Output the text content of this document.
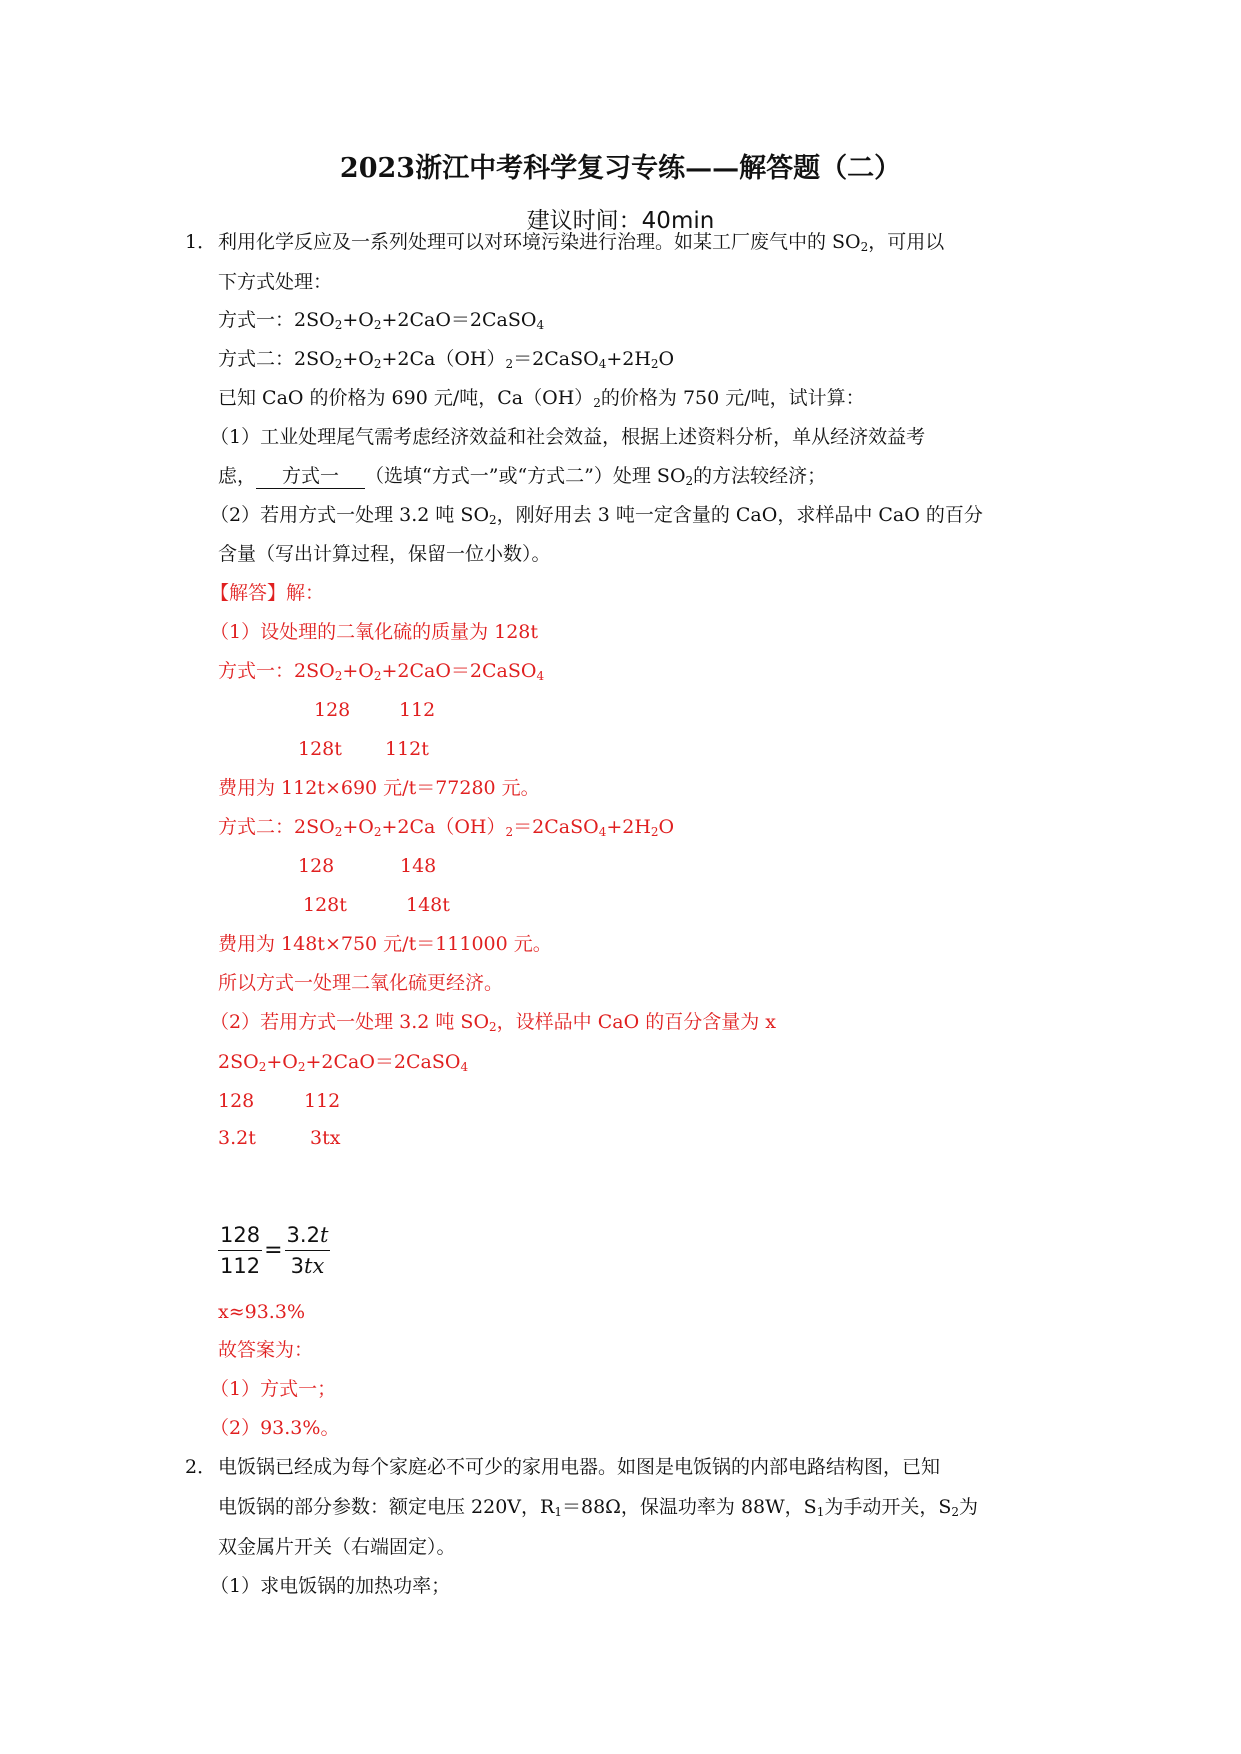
2023浙江中考科学复习专练——解答题（二）
建议时间：40min
1． 利用化学反应及一系列处理可以对环境污染进行治理。如某工厂废气中的 $SO_2$，可用以
下方式处理：
方式一：$2SO_2+O_2+2CaO=2CaSO_4$
方式二：$2SO_2+O_2+2Ca(OH)_2=2CaSO_4+2H_2O$
已知 CaO 的价格为 690 元/吨，$Ca(OH)_2$的价格为 750 元/吨，试计算：
（1）工业处理尾气需考虑经济效益和社会效益，根据上述资料分析，单从经济效益考
虑， 方式一 （选填“方式一”或“方式二”）处理 $SO_2$的方法较经济；
（2）若用方式一处理 3.2 吨 $SO_2$，刚好用去 3 吨一定含量的 CaO，求样品中 CaO 的百分
含量（写出计算过程，保留一位小数）。
【解答】解：
（1）设处理的二氧化硫的质量为 128t
方式一：$2SO_2+O_2+2CaO=2CaSO_4$
128	112
128t 112t
费用为 112t×690 元/t＝77280 元。
方式二：$2SO_2+O_2+2Ca(OH)_2=2CaSO_4+2H_2O$
128	148
128t	148t
费用为 148t×750 元/t＝111000 元。
所以方式一处理二氧化硫更经济。
（2）若用方式一处理 3.2 吨 $SO_2$，设样品中 CaO 的百分含量为 x
$2SO_2+O_2+2CaO=2CaSO_4$
128	112
3.2t	3tx
$\frac{128}{112} = \frac{3.2t}{3tx}$
x≈93.3%
故答案为：
（1）方式一；
（2）93.3%。
2． 电饭锅已经成为每个家庭必不可少的家用电器。如图是电饭锅的内部电路结构图，已知
电饭锅的部分参数：额定电压 220V，$R_1=88\Omega$，保温功率为 88W，$S_1$为手动开关，$S_2$为
双金属片开关（右端固定）。
（1）求电饭锅的加热功率；
